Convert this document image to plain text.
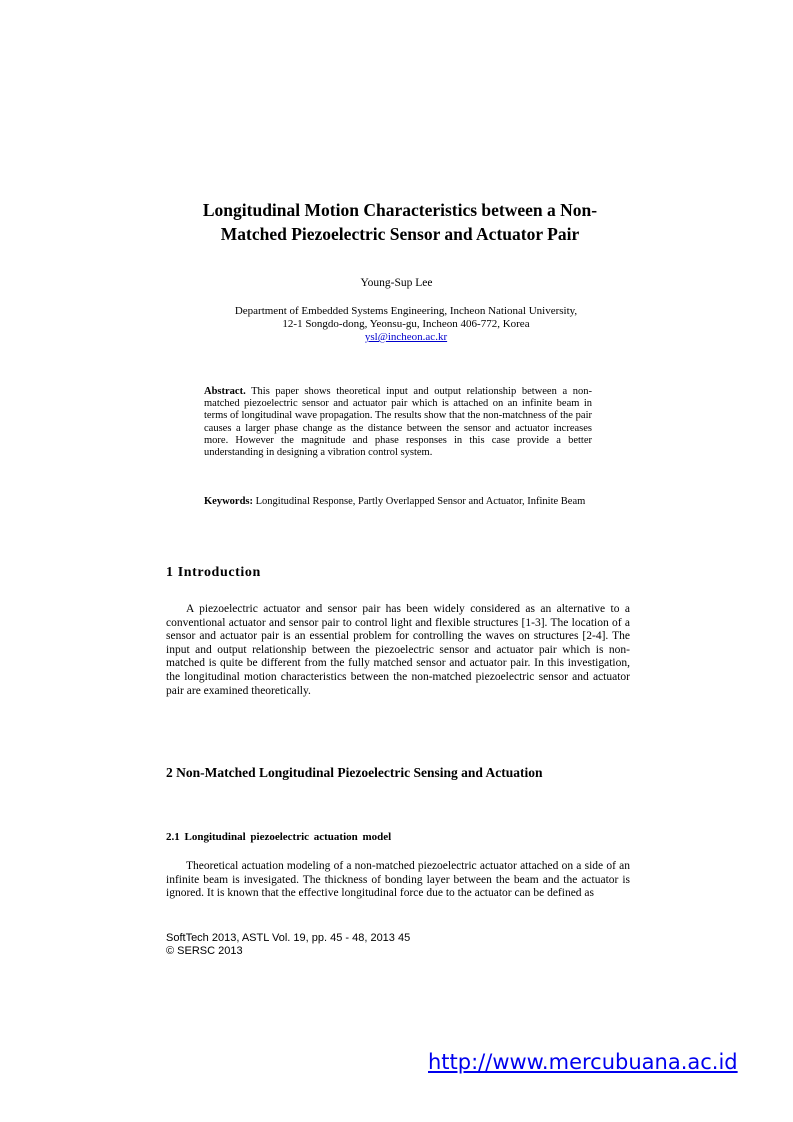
Longitudinal Motion Characteristics between a Non-
Matched Piezoelectric Sensor and Actuator Pair
Young-Sup Lee
Department of Embedded Systems Engineering, Incheon National University,
12-1 Songdo-dong, Yeonsu-gu, Incheon 406-772, Korea
ysl@incheon.ac.kr
Abstract. This paper shows theoretical input and output relationship between a non-matched piezoelectric sensor and actuator pair which is attached on an infinite beam in terms of longitudinal wave propagation. The results show that the non-matchness of the pair causes a larger phase change as the distance between the sensor and actuator increases more. However the magnitude and phase responses in this case provide a better understanding in designing a vibration control system.
Keywords: Longitudinal Response, Partly Overlapped Sensor and Actuator, Infinite Beam
1 Introduction
A piezoelectric actuator and sensor pair has been widely considered as an alternative to a conventional actuator and sensor pair to control light and flexible structures [1-3]. The location of a sensor and actuator pair is an essential problem for controlling the waves on structures [2-4]. The input and output relationship between the piezoelectric sensor and actuator pair which is non-matched is quite be different from the fully matched sensor and actuator pair. In this investigation, the longitudinal motion characteristics between the non-matched piezoelectric sensor and actuator pair are examined theoretically.
2 Non-Matched Longitudinal Piezoelectric Sensing and Actuation
2.1 Longitudinal piezoelectric actuation model
Theoretical actuation modeling of a non-matched piezoelectric actuator attached on a side of an infinite beam is invesigated. The thickness of bonding layer between the beam and the actuator is ignored. It is known that the effective longitudinal force due to the actuator can be defined as
SoftTech 2013, ASTL Vol. 19, pp. 45 - 48, 2013 45
© SERSC 2013
http://www.mercubuana.ac.id
